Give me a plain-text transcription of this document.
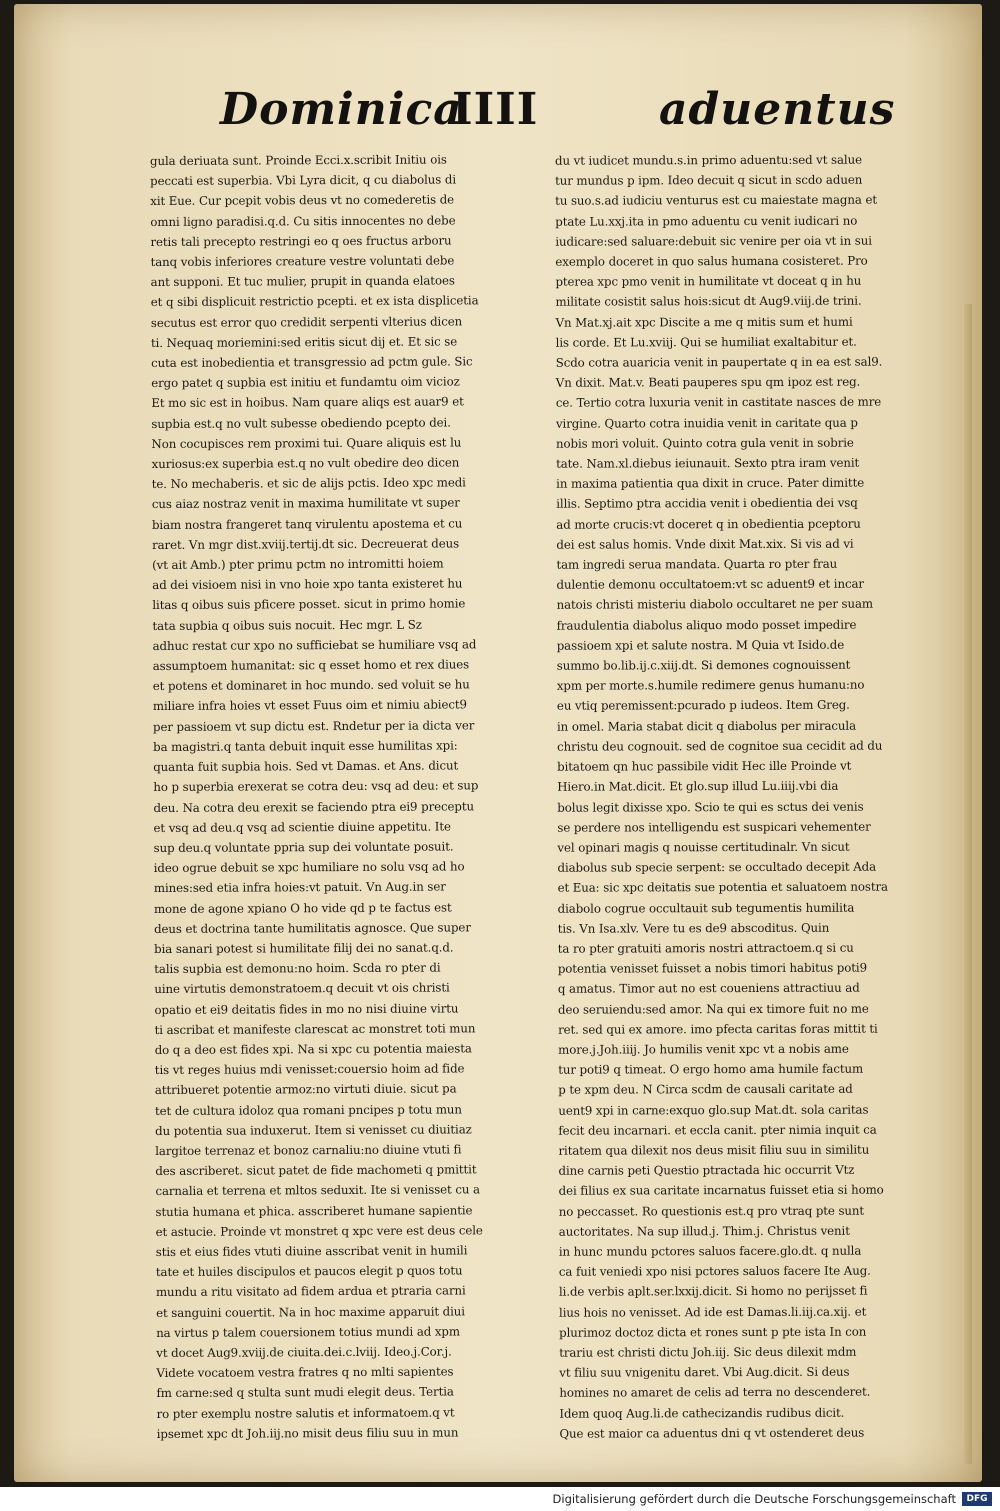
Dominica
IIII	aduentus
gula deriuata sunt. Proinde Ecci.x.scribit Initiu ois
peccati est superbia. Vbi Lyra dicit, q cu diabolus di
xit Eue. Cur pcepit vobis deus vt no comederetis de
omni ligno paradisi.q.d. Cu sitis innocentes no debe
retis tali precepto restringi eo q oes fructus arboru
tanq vobis inferiores creature vestre voluntati debe
ant supponi. Et tuc mulier, prupit in quanda elatoes
et q sibi displicuit restrictio pcepti. et ex ista displicetia
secutus est error quo credidit serpenti vlterius dicen
ti. Nequaq moriemini:sed eritis sicut dij et. Et sic se
cuta est inobedientia et transgressio ad pctm gule. Sic
ergo patet q supbia est initiu et fundamtu oim vicioz
Et mo sic est in hoibus. Nam quare aliqs est auar9 et
supbia est.q no vult subesse obediendo pcepto dei.
Non cocupisces rem proximi tui. Quare aliquis est lu
xuriosus:ex superbia est.q no vult obedire deo dicen
te. No mechaberis. et sic de alijs pctis. Ideo xpc medi
cus aiaz nostraz venit in maxima humilitate vt super
biam nostra frangeret tanq virulentu apostema et cu
raret. Vn mgr dist.xviij.tertij.dt sic. Decreuerat deus
(vt ait Amb.) pter primu pctm no intromitti hoiem
ad dei visioem nisi in vno hoie xpo tanta existeret hu
litas q oibus suis pficere posset. sicut in primo homie
tata supbia q oibus suis nocuit. Hec mgr. L Sz
adhuc restat cur xpo no sufficiebat se humiliare vsq ad
assumptoem humanitat: sic q esset homo et rex diues
et potens et dominaret in hoc mundo. sed voluit se hu
miliare infra hoies vt esset Fuus oim et nimiu abiect9
per passioem vt sup dictu est. Rndetur per ia dicta ver
ba magistri.q tanta debuit inquit esse humilitas xpi:
quanta fuit supbia hois. Sed vt Damas. et Ans. dicut
ho p superbia erexerat se cotra deu: vsq ad deu: et sup
deu. Na cotra deu erexit se faciendo ptra ei9 preceptu
et vsq ad deu.q vsq ad scientie diuine appetitu. Ite
sup deu.q voluntate ppria sup dei voluntate posuit.
ideo ogrue debuit se xpc humiliare no solu vsq ad ho
mines:sed etia infra hoies:vt patuit. Vn Aug.in ser
mone de agone xpiano O ho vide qd p te factus est
deus et doctrina tante humilitatis agnosce. Que super
bia sanari potest si humilitate filij dei no sanat.q.d.
talis supbia est demonu:no hoim. Scda ro pter di
uine virtutis demonstratoem.q decuit vt ois christi
opatio et ei9 deitatis fides in mo no nisi diuine virtu
ti ascribat et manifeste clarescat ac monstret toti mun
do q a deo est fides xpi. Na si xpc cu potentia maiesta
tis vt reges huius mdi venisset:couersio hoim ad fide
attribueret potentie armoz:no virtuti diuie. sicut pa
tet de cultura idoloz qua romani pncipes p totu mun
du potentia sua induxerut. Item si venisset cu diuitiaz
largitoe terrenaz et bonoz carnaliu:no diuine vtuti fi
des ascriberet. sicut patet de fide machometi q pmittit
carnalia et terrena et mltos seduxit. Ite si venisset cu a
stutia humana et phica. asscriberet humane sapientie
et astucie. Proinde vt monstret q xpc vere est deus cele
stis et eius fides vtuti diuine asscribat venit in humili
tate et huiles discipulos et paucos elegit p quos totu
mundu a ritu visitato ad fidem ardua et ptraria carni
et sanguini couertit. Na in hoc maxime apparuit diui
na virtus p talem couersionem totius mundi ad xpm
vt docet Aug9.xviij.de ciuita.dei.c.lviij. Ideo.j.Cor.j.
Videte vocatoem vestra fratres q no mlti sapientes
fm carne:sed q stulta sunt mudi elegit deus. Tertia
ro pter exemplu nostre salutis et informatoem.q vt
ipsemet xpc dt Joh.iij.no misit deus filiu suu in mun
du vt iudicet mundu.s.in primo aduentu:sed vt salue
tur mundus p ipm. Ideo decuit q sicut in scdo aduen
tu suo.s.ad iudiciu venturus est cu maiestate magna et
ptate Lu.xxj.ita in pmo aduentu cu venit iudicari no
iudicare:sed saluare:debuit sic venire per oia vt in sui
exemplo doceret in quo salus humana cosisteret. Pro
pterea xpc pmo venit in humilitate vt doceat q in hu
militate cosistit salus hois:sicut dt Aug9.viij.de trini.
Vn Mat.xj.ait xpc Discite a me q mitis sum et humi
lis corde. Et Lu.xviij. Qui se humiliat exaltabitur et.
Scdo cotra auaricia venit in paupertate q in ea est sal9.
Vn dixit. Mat.v. Beati pauperes spu qm ipoz est reg.
ce. Tertio cotra luxuria venit in castitate nasces de mre
virgine. Quarto cotra inuidia venit in caritate qua p
nobis mori voluit. Quinto cotra gula venit in sobrie
tate. Nam.xl.diebus ieiunauit. Sexto ptra iram venit
in maxima patientia qua dixit in cruce. Pater dimitte
illis. Septimo ptra accidia venit i obedientia dei vsq
ad morte crucis:vt doceret q in obedientia pceptoru
dei est salus homis. Vnde dixit Mat.xix. Si vis ad vi
tam ingredi serua mandata. Quarta ro pter frau
dulentie demonu occultatoem:vt sc aduent9 et incar
natois christi misteriu diabolo occultaret ne per suam
fraudulentia diabolus aliquo modo posset impedire
passioem xpi et salute nostra. M Quia vt Isido.de
summo bo.lib.ij.c.xiij.dt. Si demones cognouissent
xpm per morte.s.humile redimere genus humanu:no
eu vtiq peremissent:pcurado p iudeos. Item Greg.
in omel. Maria stabat dicit q diabolus per miracula
christu deu cognouit. sed de cognitoe sua cecidit ad du
bitatoem qn huc passibile vidit Hec ille Proinde vt
Hiero.in Mat.dicit. Et glo.sup illud Lu.iiij.vbi dia
bolus legit dixisse xpo. Scio te qui es sctus dei venis
se perdere nos intelligendu est suspicari vehementer
vel opinari magis q nouisse certitudinalr. Vn sicut
diabolus sub specie serpent: se occultado decepit Ada
et Eua: sic xpc deitatis sue potentia et saluatoem nostra
diabolo cogrue occultauit sub tegumentis humilita
tis. Vn Isa.xlv. Vere tu es de9 abscoditus. Quin
ta ro pter gratuiti amoris nostri attractoem.q si cu
potentia venisset fuisset a nobis timori habitus poti9
q amatus. Timor aut no est coueniens attractiuu ad
deo seruiendu:sed amor. Na qui ex timore fuit no me
ret. sed qui ex amore. imo pfecta caritas foras mittit ti
more.j.Joh.iiij. Jo humilis venit xpc vt a nobis ame
tur poti9 q timeat. O ergo homo ama humile factum
p te xpm deu. N Circa scdm de causali caritate ad
uent9 xpi in carne:exquo glo.sup Mat.dt. sola caritas
fecit deu incarnari. et eccla canit. pter nimia inquit ca
ritatem qua dilexit nos deus misit filiu suu in similitu
dine carnis peti Questio ptractada hic occurrit Vtz
dei filius ex sua caritate incarnatus fuisset etia si homo
no peccasset. Ro questionis est.q pro vtraq pte sunt
auctoritates. Na sup illud.j. Thim.j. Christus venit
in hunc mundu pctores saluos facere.glo.dt. q nulla
ca fuit veniedi xpo nisi pctores saluos facere Ite Aug.
li.de verbis aplt.ser.lxxij.dicit. Si homo no perijsset fi
lius hois no venisset. Ad ide est Damas.li.iij.ca.xij. et
plurimoz doctoz dicta et rones sunt p pte ista In con
trariu est christi dictu Joh.iij. Sic deus dilexit mdm
vt filiu suu vnigenitu daret. Vbi Aug.dicit. Si deus
homines no amaret de celis ad terra no descenderet.
Idem quoq Aug.li.de cathecizandis rudibus dicit.
Que est maior ca aduentus dni q vt ostenderet deus
Digitalisierung gefördert durch die Deutsche Forschungsgemeinschaft	DFG
